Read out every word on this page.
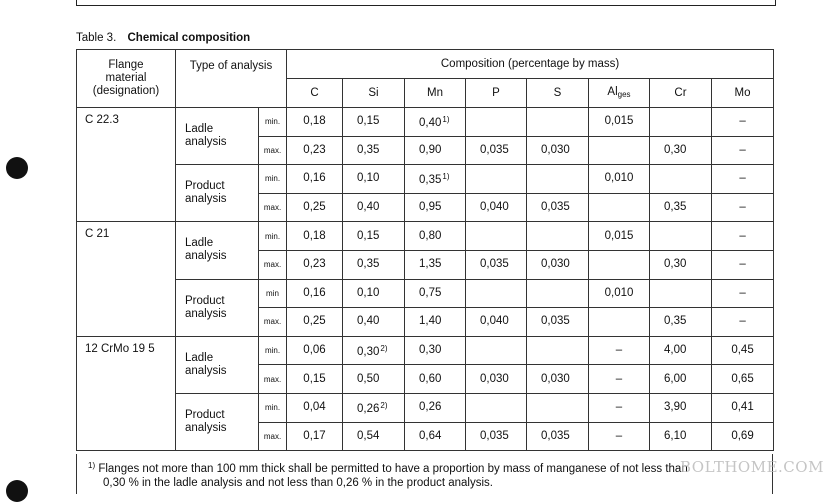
Table 3. Chemical composition
Flange
material
(designation)	Type of analysis		Composition (percentage by mass)							
			C	Si	Mn	P	S	$Al_{ges}$	Cr	Mo
C 22.3	Ladle
analysis	min.	0,18	0,15	0,40$^{1)}$			0,015		–
		max.	0,23	0,35	0,90	0,035	0,030		0,30	–

	Product
analysis	min.	0,16	0,10	0,35$^{1)}$			0,010		–
		max.	0,25	0,40	0,95	0,040	0,035		0,35	–
C 21	Ladle
analysis	min.	0,18	0,15	0,80			0,015		–
		max.	0,23	0,35	1,35	0,035	0,030		0,30	–

	Product
analysis	min	0,16	0,10	0,75			0,010		–
		max.	0,25	0,40	1,40	0,040	0,035		0,35	–
12 CrMo 19 5	Ladle
analysis	min.	0,06	0,30$^{2)}$	0,30			–	4,00	0,45
		max.	0,15	0,50	0,60	0,030	0,030	–	6,00	0,65

	Product
analysis	min.	0,04	0,26$^{2)}$	0,26			–	3,90	0,41
		max.	0,17	0,54	0,64	0,035	0,035	–	6,10	0,69
$^{1)}$ Flanges not more than 100 mm thick shall be permitted to have a proportion by mass of manganese of not less than
0,30 % in the ladle analysis and not less than 0,26 % in the product analysis.
BOLTHOME.COM
